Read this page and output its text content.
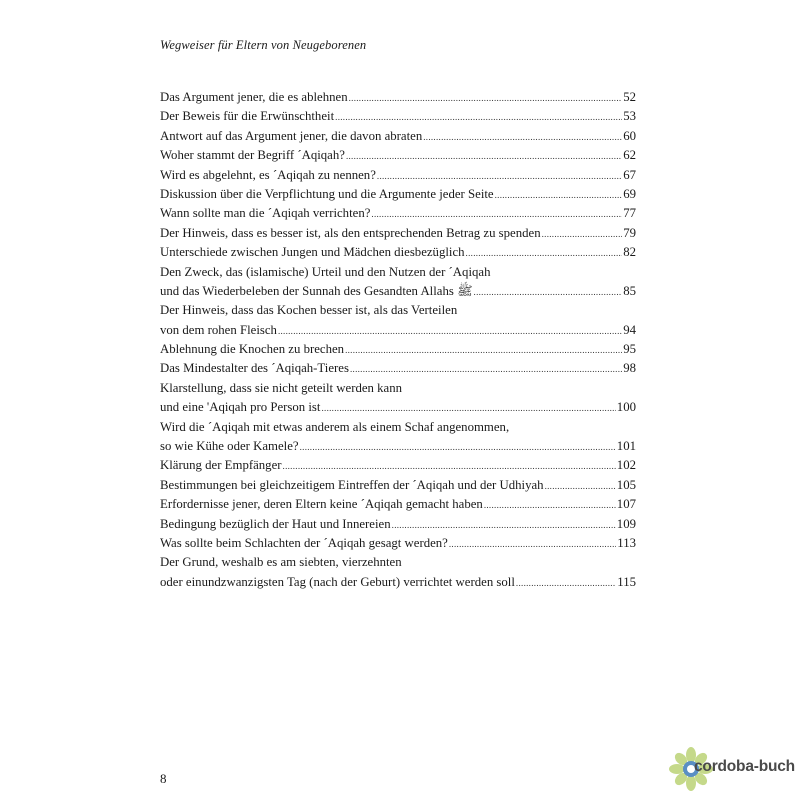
Wegweiser für Eltern von Neugeborenen
Das Argument jener, die es ablehnen .....	52
Der Beweis für die Erwünschtheit .....	53
Antwort auf das Argument jener, die davon abraten .....	60
Woher stammt der Begriff ´Aqiqah? .....	62
Wird es abgelehnt, es ´Aqiqah zu nennen? .....	67
Diskussion über die Verpflichtung und die Argumente jeder Seite .....	69
Wann sollte man die ´Aqiqah verrichten? .....	77
Der Hinweis, dass es besser ist, als den entsprechenden Betrag zu spenden .....	79
Unterschiede zwischen Jungen und Mädchen diesbezüglich .....	82
Den Zweck, das (islamische) Urteil und den Nutzen der ´Aqiqah
und das Wiederbeleben der Sunnah des Gesandten Allahs ﷺ .....	85
Der Hinweis, dass das Kochen besser ist, als das Verteilen
von dem rohen Fleisch .....	94
Ablehnung die Knochen zu brechen .....	95
Das Mindestalter des ´Aqiqah-Tieres .....	98
Klarstellung, dass sie nicht geteilt werden kann
und eine 'Aqiqah pro Person ist .....	100
Wird die ´Aqiqah mit etwas anderem als einem Schaf angenommen,
so wie Kühe oder Kamele? .....	101
Klärung der Empfänger .....	102
Bestimmungen bei gleichzeitigem Eintreffen der ´Aqiqah und der Udhiyah .....	105
Erfordernisse jener, deren Eltern keine ´Aqiqah gemacht haben .....	107
Bedingung bezüglich der Haut und Innereien .....	109
Was sollte beim Schlachten der ´Aqiqah gesagt werden? .....	113
Der Grund, weshalb es am siebten, vierzehnten
oder einundzwanzigsten Tag (nach der Geburt) verrichtet werden soll .....	115
8
cordoba-buch
